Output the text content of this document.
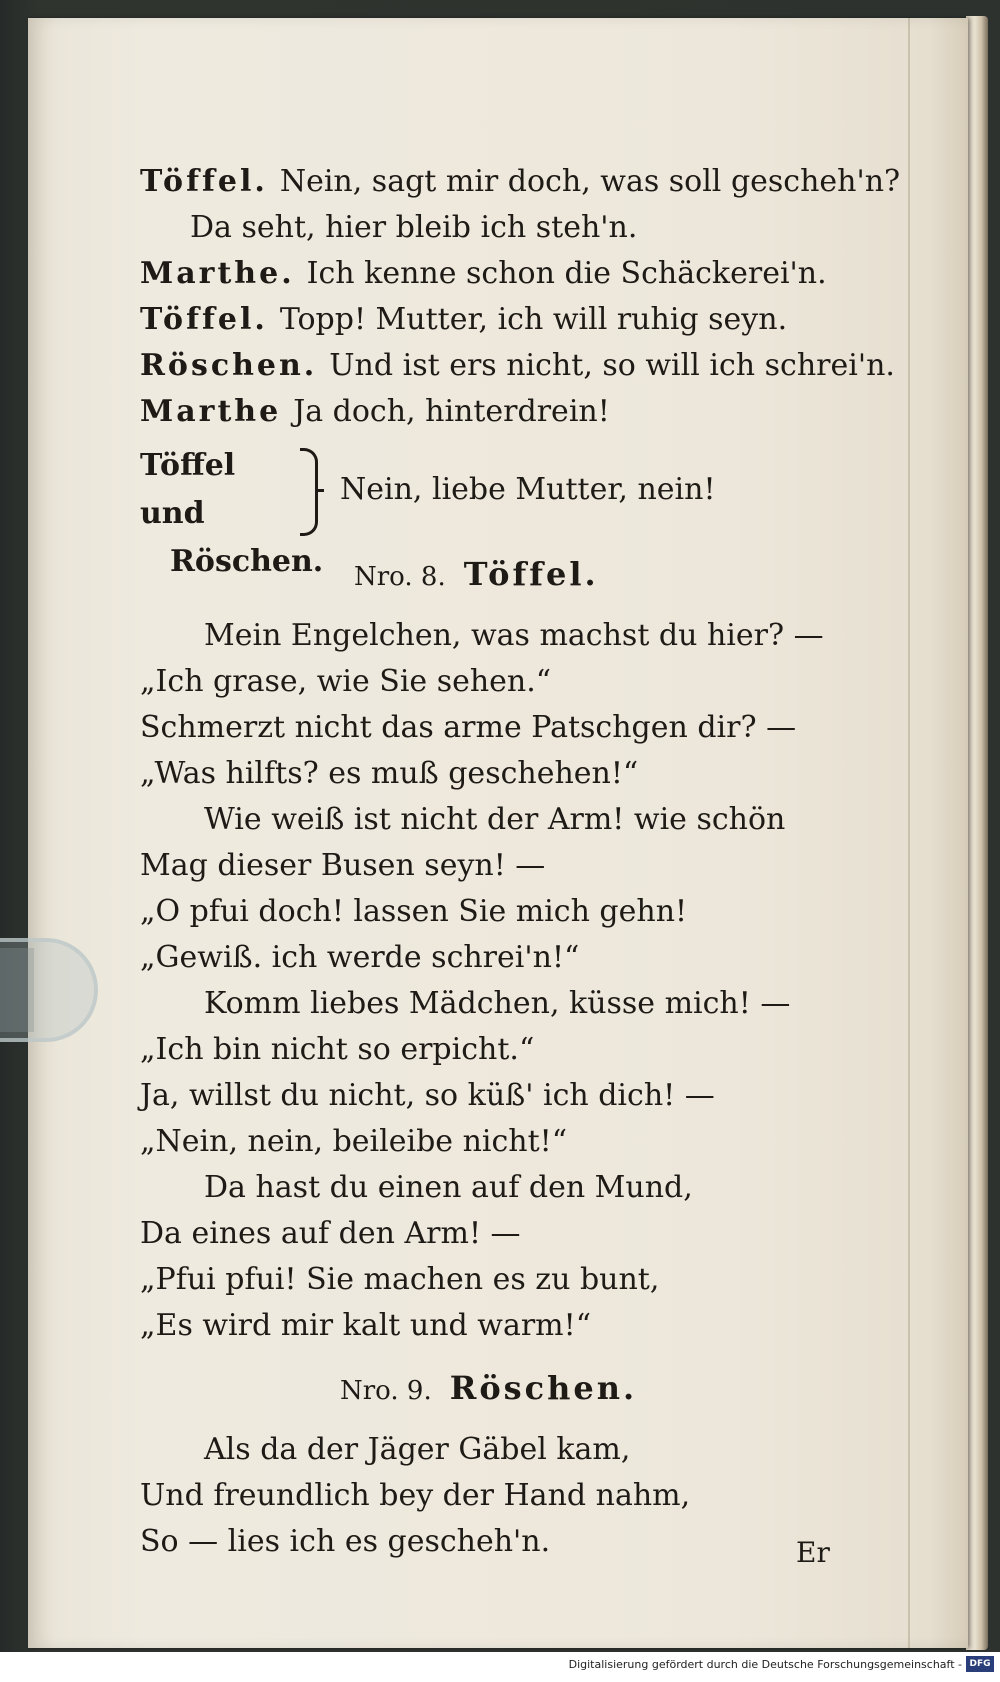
Töffel. Nein, sagt mir doch, was soll gescheh'n?
Da seht, hier bleib ich steh'n.
Marthe. Ich kenne schon die Schäckerei'n.
Töffel. Topp! Mutter, ich will ruhig seyn.
Röschen. Und ist ers nicht, so will ich schrei'n.
Marthe Ja doch, hinterdrein!
Töffel und
Röschen.
Nein, liebe Mutter, nein!
Nro. 8. Töffel.
Mein Engelchen, was machst du hier? —
„Ich grase, wie Sie sehen.“
Schmerzt nicht das arme Patschgen dir? —
„Was hilfts? es muß geschehen!“
Wie weiß ist nicht der Arm! wie schön
Mag dieser Busen seyn! —
„O pfui doch! lassen Sie mich gehn!
„Gewiß. ich werde schrei'n!“
Komm liebes Mädchen, küsse mich! —
„Ich bin nicht so erpicht.“
Ja, willst du nicht, so küß' ich dich! —
„Nein, nein, beileibe nicht!“
Da hast du einen auf den Mund,
Da eines auf den Arm! —
„Pfui pfui! Sie machen es zu bunt,
„Es wird mir kalt und warm!“
Nro. 9. Röschen.
Als da der Jäger Gäbel kam,
Und freundlich bey der Hand nahm,
So — lies ich es gescheh'n.	Er
Digitalisierung gefördert durch die Deutsche Forschungsgemeinschaft - DFG
